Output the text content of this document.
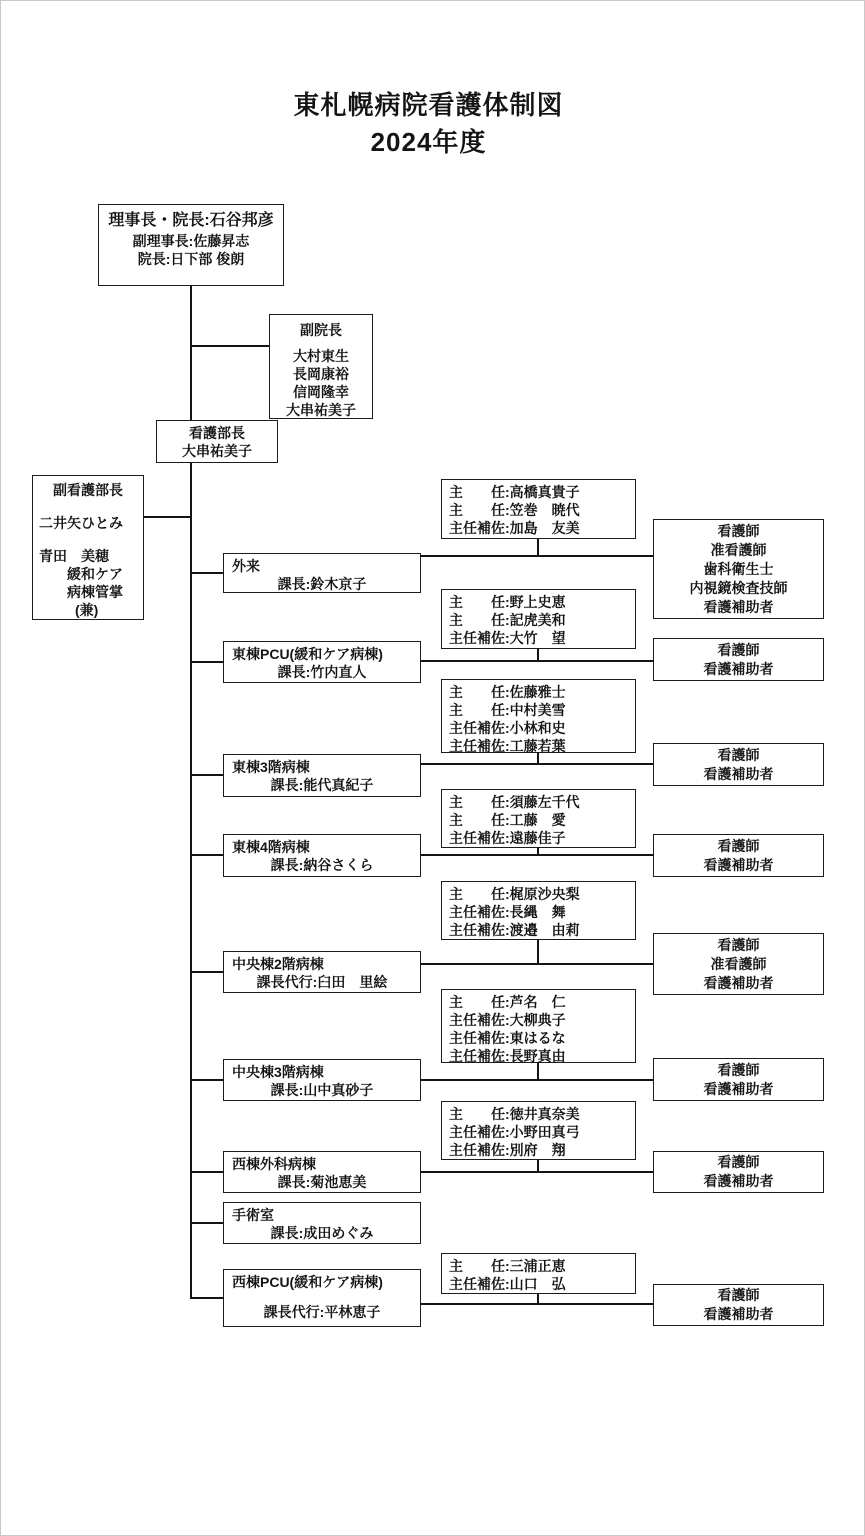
東札幌病院看護体制図
2024年度
理事長・院長:石谷邦彦
副理事長:佐藤昇志
院長:日下部 俊朗
副院長
大村東生
長岡康裕
信岡隆幸
大串祐美子
看護部長
大串祐美子
副看護部長
二井矢ひとみ
青田　美穂
緩和ケア
病棟管掌
(兼)
外来
課長:鈴木京子
東棟PCU(緩和ケア病棟)
課長:竹内直人
東棟3階病棟
課長:能代真紀子
東棟4階病棟
課長:納谷さくら
中央棟2階病棟
課長代行:臼田　里絵
中央棟3階病棟
課長:山中真砂子
西棟外科病棟
課長:菊池恵美
手術室
課長:成田めぐみ
西棟PCU(緩和ケア病棟)
課長代行:平林恵子
主　　任:高橋真貴子
主　　任:笠巻　暁代
主任補佐:加島　友美
主　　任:野上史恵
主　　任:記虎美和
主任補佐:大竹　望
主　　任:佐藤雅士
主　　任:中村美雪
主任補佐:小林和史
主任補佐:工藤若葉
主　　任:須藤左千代
主　　任:工藤　愛
主任補佐:遠藤佳子
主　　任:梶原沙央梨
主任補佐:長縄　舞
主任補佐:渡邉　由莉
主　　任:芦名　仁
主任補佐:大柳典子
主任補佐:東はるな
主任補佐:長野真由
主　　任:徳井真奈美
主任補佐:小野田真弓
主任補佐:別府　翔
主　　任:三浦正恵
主任補佐:山口　弘
看護師
准看護師
歯科衛生士
内視鏡検査技師
看護補助者
看護師
看護補助者
看護師
看護補助者
看護師
看護補助者
看護師
准看護師
看護補助者
看護師
看護補助者
看護師
看護補助者
看護師
看護補助者
